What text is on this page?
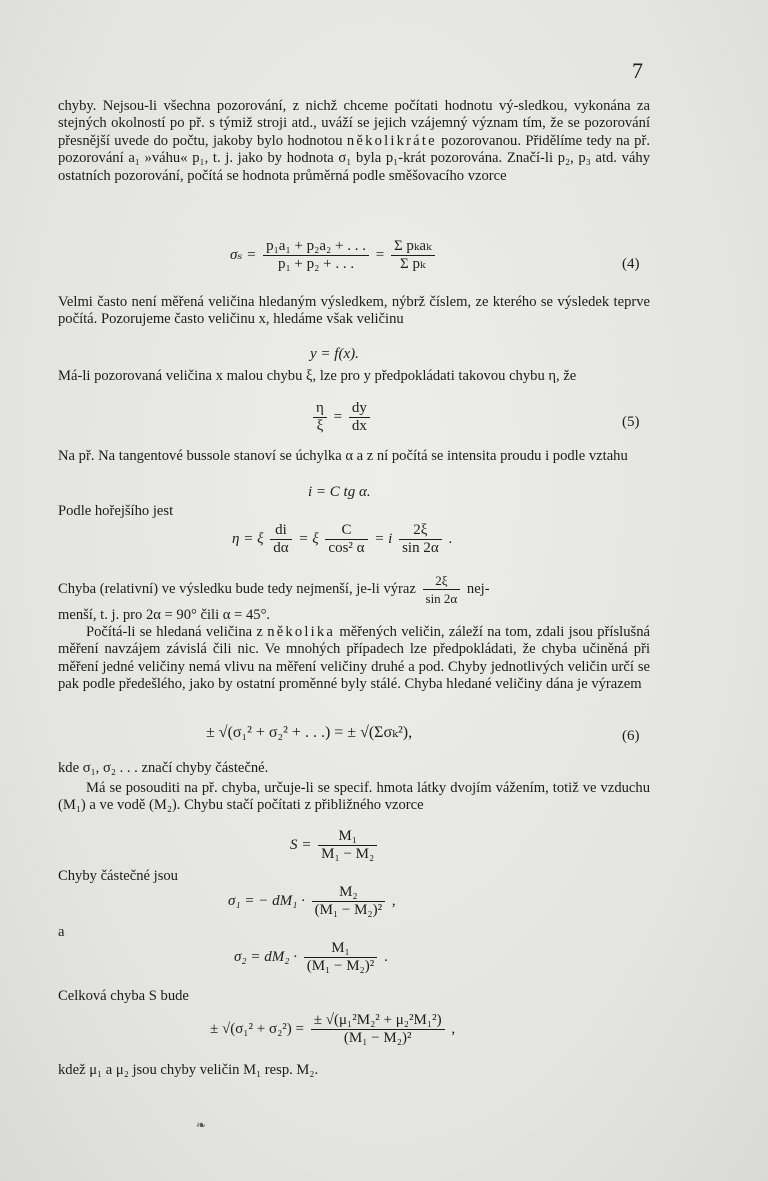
7

chyby. Nejsou-li všechna pozorování, z nichž chceme počítati hodnotu vý-sledkou, vykonána za stejných okolností po př. s týmiž stroji atd., uváží se jejich vzájemný význam tím, že se pozorování přesnější uvede do počtu, jakoby bylo hodnotou několikráte pozorovanou. Přidělíme tedy na př. pozorování a₁ »váhu« p₁, t. j. jako by hodnota σ₁ byla p₁-krát pozorována. Značí-li p₂, p₃ atd. váhy ostatních pozorování, počítá se hodnota průměrná podle směšovacího vzorce

$\sigma_s = \frac{\text{p₁a₁ + p₂a₂ + . . .}}{\text{p₁ + p₂ + . . .}} = \frac{\text{Σ pₖaₖ}}{\text{Σ pₖ}}$	(4)

Velmi často není měřená veličina hledaným výsledkem, nýbrž číslem, ze kterého se výsledek teprve počítá. Pozorujeme často veličinu x, hledáme však veličinu

y = f(x).

Má-li pozorovaná veličina x malou chybu ξ, lze pro y předpokládati takovou chybu η, že

$\frac{\eta}{\xi} = \frac{dy}{dx}$	(5)

Na př. Na tangentové bussole stanoví se úchylka α a z ní počítá se intensita proudu i podle vztahu

i = C tg α.

Podle hořejšího jest

η = ξ $\frac{di}{d\alpha} = \xi \frac{C}{\text{cos² α}} = i \frac{2\xi}{\sin 2\alpha}$ .

Chyba (relativní) ve výsledku bude tedy nejmenší, je-li výraz $\frac{2\xi}{\sin 2\alpha} nej-$

menší, t. j. pro 2α = 90° čili α = 45°.

Počítá-li se hledaná veličina z několika měřených veličin, záleží na tom, zdali jsou příslušná měření navzájem závislá čili nic. Ve mnohých případech lze předpokládati, že chyba učiněná při měření jedné veličiny nemá vlivu na měření veličiny druhé a pod. Chyby jednotlivých veličin určí se pak podle předešlého, jako by ostatní proměnné byly stálé. Chyba hledané veličiny dána je výrazem

± √(σ₁² + σ₂² + . . .) = ± √(Σσₖ²),	(6)

kde σ₁, σ₂ . . . značí chyby částečné.

Má se posouditi na př. chyba, určuje-li se specif. hmota látky dvojím vážením, totiž ve vzduchu (M₁) a ve vodě (M₂). Chybu stačí počítati z přibližného vzorce

$S = \frac{\text{M₁}}{\text{M₁ − M₂}}$

Chyby částečné jsou

σ₁ = − $dM_1 \cdot \frac{\text{M₂}}{\text{(M₁ − M₂)²}}$ ,

a

$\sigma_2 = dM_2 \cdot \frac{\text{M₁}}{\text{(M₁ − M₂)²}}$ .

Celková chyba S bude

± $√(\sigma_1^2 + \sigma_2^2) = \frac{\text{± √(μ₁²M₂² + μ₂²M₁²)}}{\text{(M₁ − M₂)²}}$ ,

kdež μ₁ a μ₂ jsou chyby veličin M₁ resp. M₂.

❧
